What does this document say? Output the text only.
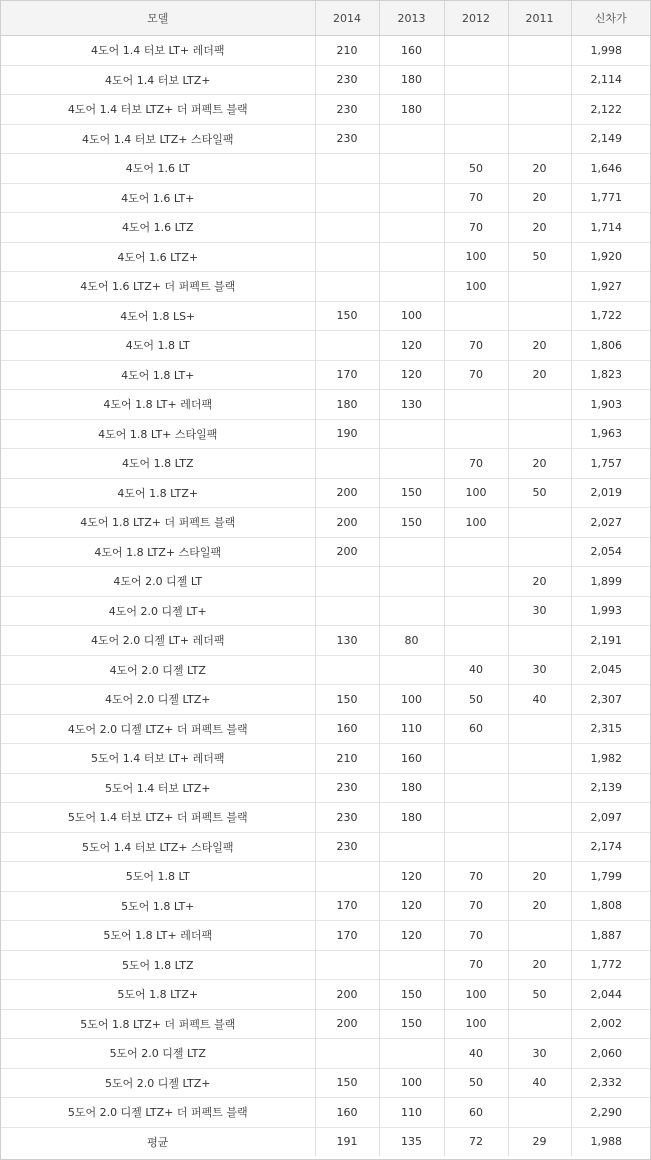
모델	2014	2013	2012	2011	신차가
4도어 1.4 터보 LT+ 레더팩	210	160			1,998
4도어 1.4 터보 LTZ+	230	180			2,114
4도어 1.4 터보 LTZ+ 더 퍼펙트 블랙	230	180			2,122
4도어 1.4 터보 LTZ+ 스타일팩	230				2,149
4도어 1.6 LT			50	20	1,646
4도어 1.6 LT+			70	20	1,771
4도어 1.6 LTZ			70	20	1,714
4도어 1.6 LTZ+			100	50	1,920
4도어 1.6 LTZ+ 더 퍼펙트 블랙			100		1,927
4도어 1.8 LS+	150	100			1,722
4도어 1.8 LT		120	70	20	1,806
4도어 1.8 LT+	170	120	70	20	1,823
4도어 1.8 LT+ 레더팩	180	130			1,903
4도어 1.8 LT+ 스타일팩	190				1,963
4도어 1.8 LTZ			70	20	1,757
4도어 1.8 LTZ+	200	150	100	50	2,019
4도어 1.8 LTZ+ 더 퍼펙트 블랙	200	150	100		2,027
4도어 1.8 LTZ+ 스타일팩	200				2,054
4도어 2.0 디젤 LT				20	1,899
4도어 2.0 디젤 LT+				30	1,993
4도어 2.0 디젤 LT+ 레더팩	130	80			2,191
4도어 2.0 디젤 LTZ			40	30	2,045
4도어 2.0 디젤 LTZ+	150	100	50	40	2,307
4도어 2.0 디젤 LTZ+ 더 퍼펙트 블랙	160	110	60		2,315
5도어 1.4 터보 LT+ 레더팩	210	160			1,982
5도어 1.4 터보 LTZ+	230	180			2,139
5도어 1.4 터보 LTZ+ 더 퍼펙트 블랙	230	180			2,097
5도어 1.4 터보 LTZ+ 스타일팩	230				2,174
5도어 1.8 LT		120	70	20	1,799
5도어 1.8 LT+	170	120	70	20	1,808
5도어 1.8 LT+ 레더팩	170	120	70		1,887
5도어 1.8 LTZ			70	20	1,772
5도어 1.8 LTZ+	200	150	100	50	2,044
5도어 1.8 LTZ+ 더 퍼펙트 블랙	200	150	100		2,002
5도어 2.0 디젤 LTZ			40	30	2,060
5도어 2.0 디젤 LTZ+	150	100	50	40	2,332
5도어 2.0 디젤 LTZ+ 더 퍼펙트 블랙	160	110	60		2,290
평균	191	135	72	29	1,988
